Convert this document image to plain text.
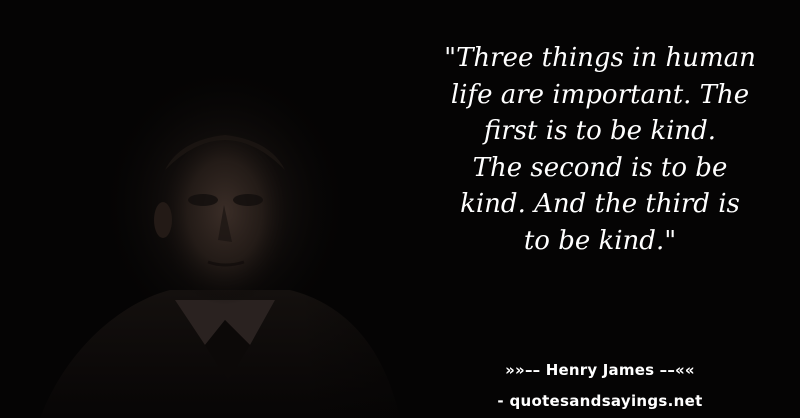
"Three things in human
life are important. The
first is to be kind.
The second is to be
kind. And the third is
to be kind."
»»–– Henry James ––««
- quotesandsayings.net
